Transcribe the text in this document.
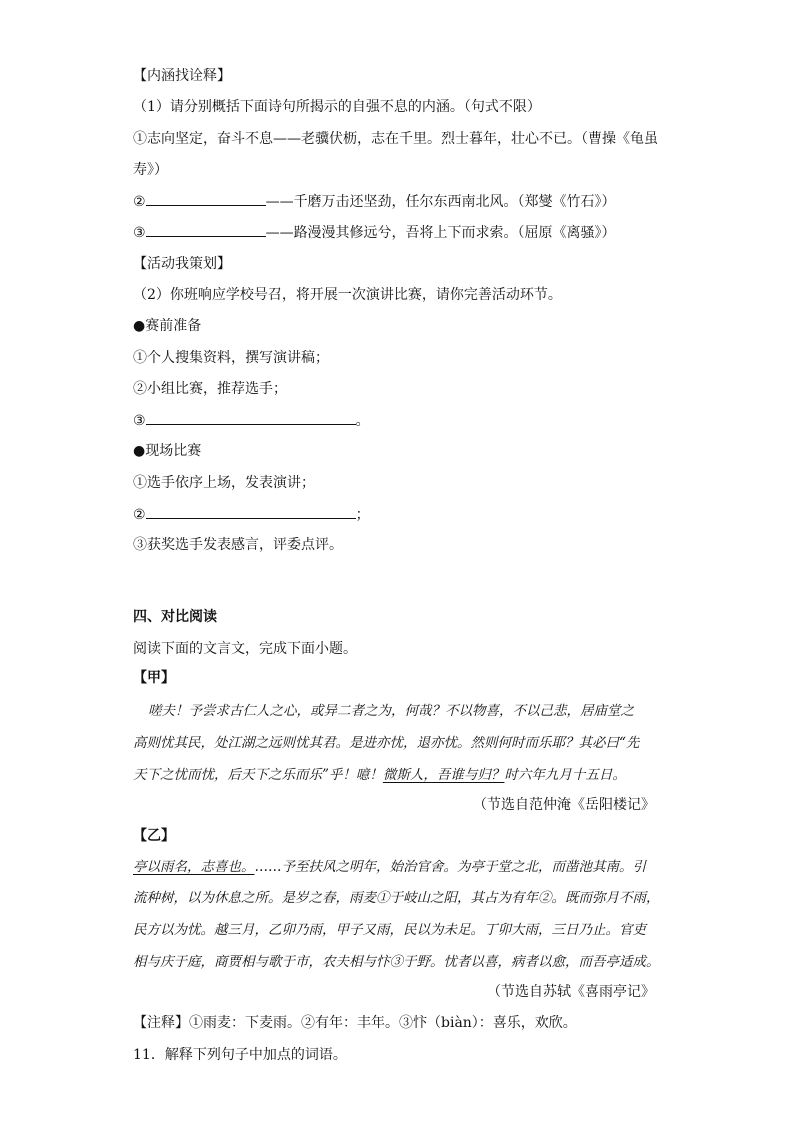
【内涵找诠释】
（1）请分别概括下面诗句所揭示的自强不息的内涵。（句式不限）
①志向坚定，奋斗不息——老骥伏枥，志在千里。烈士暮年，壮心不已。（曹操《龟虽
寿》）
②	——千磨万击还坚劲，任尔东西南北风。（郑燮《竹石》）
③	——路漫漫其修远兮，吾将上下而求索。（屈原《离骚》）
【活动我策划】
（2）你班响应学校号召，将开展一次演讲比赛，请你完善活动环节。
●赛前准备
①个人搜集资料，撰写演讲稿；
②小组比赛，推荐选手；
③	。
●现场比赛
①选手依序上场，发表演讲；
②	；
③获奖选手发表感言，评委点评。
四、对比阅读
阅读下面的文言文，完成下面小题。
【甲】
嗟夫！予尝求古仁人之心，或异二者之为，何哉？不以物喜，不以己悲，居庙堂之
高则忧其民，处江湖之远则忧其君。是进亦忧，退亦忧。然则何时而乐耶？其必曰“先
天下之忧而忧，后天下之乐而乐”乎！噫！微斯人，吾谁与归？时六年九月十五日。
（节选自范仲淹《岳阳楼记》
【乙】
亭以雨名，志喜也。……予至扶风之明年，始治官舍。为亭于堂之北，而凿池其南。引
流种树，以为休息之所。是岁之春，雨麦①于岐山之阳，其占为有年②。既而弥月不雨，
民方以为忧。越三月，乙卯乃雨，甲子又雨，民以为未足。丁卯大雨，三日乃止。官吏
相与庆于庭，商贾相与歌于市，农夫相与忭③于野。忧者以喜，病者以愈，而吾亭适成。
（节选自苏轼《喜雨亭记》
【注释】①雨麦：下麦雨。②有年：丰年。③忭（biàn）：喜乐，欢欣。
11．解释下列句子中加点的词语。
